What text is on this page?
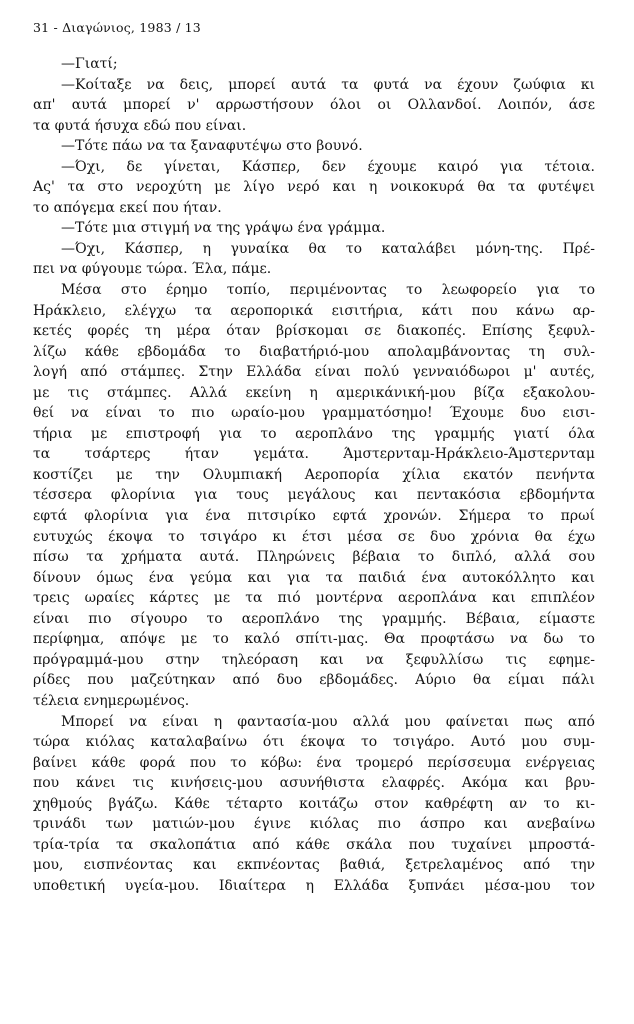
31 - Διαγώνιος, 1983 / 13
—Γιατί;
—Κοίταξε να δεις, μπορεί αυτά τα φυτά να έχουν ζωύφια κι
απ' αυτά μπορεί ν' αρρωστήσουν όλοι οι Ολλανδοί. Λοιπόν, άσε
τα φυτά ήσυχα εδώ που είναι.
—Τότε πάω να τα ξαναφυτέψω στο βουνό.
—Όχι, δε γίνεται, Κάσπερ, δεν έχουμε καιρό για τέτοια.
Ας' τα στο νεροχύτη με λίγο νερό και η νοικοκυρά θα τα φυτέψει
το απόγεμα εκεί που ήταν.
—Τότε μια στιγμή να της γράψω ένα γράμμα.
—Όχι, Κάσπερ, η γυναίκα θα το καταλάβει μόνη-της. Πρέ-
πει να φύγουμε τώρα. Έλα, πάμε.
Μέσα στο έρημο τοπίο, περιμένοντας το λεωφορείο για το
Ηράκλειο, ελέγχω τα αεροπορικά εισιτήρια, κάτι που κάνω αρ-
κετές φορές τη μέρα όταν βρίσκομαι σε διακοπές. Επίσης ξεφυλ-
λίζω κάθε εβδομάδα το διαβατήριό-μου απολαμβάνοντας τη συλ-
λογή από στάμπες. Στην Ελλάδα είναι πολύ γενναιόδωροι μ' αυτές,
με τις στάμπες. Αλλά εκείνη η αμερικάνική-μου βίζα εξακολου-
θεί να είναι το πιο ωραίο-μου γραμματόσημο! Έχουμε δυο εισι-
τήρια με επιστροφή για το αεροπλάνο της γραμμής γιατί όλα
τα τσάρτερς ήταν γεμάτα. Άμστερνταμ-Ηράκλειο-Άμστερνταμ
κοστίζει με την Ολυμπιακή Αεροπορία χίλια εκατόν πενήντα
τέσσερα φλορίνια για τους μεγάλους και πεντακόσια εβδομήντα
εφτά φλορίνια για ένα πιτσιρίκο εφτά χρονών. Σήμερα το πρωί
ευτυχώς έκοψα το τσιγάρο κι έτσι μέσα σε δυο χρόνια θα έχω
πίσω τα χρήματα αυτά. Πληρώνεις βέβαια το διπλό, αλλά σου
δίνουν όμως ένα γεύμα και για τα παιδιά ένα αυτοκόλλητο και
τρεις ωραίες κάρτες με τα πιό μοντέρνα αεροπλάνα και επιπλέον
είναι πιο σίγουρο το αεροπλάνο της γραμμής. Βέβαια, είμαστε
περίφημα, απόψε με το καλό σπίτι-μας. Θα προφτάσω να δω το
πρόγραμμά-μου στην τηλεόραση και να ξεφυλλίσω τις εφημε-
ρίδες που μαζεύτηκαν από δυο εβδομάδες. Αύριο θα είμαι πάλι
τέλεια ενημερωμένος.
Μπορεί να είναι η φαντασία-μου αλλά μου φαίνεται πως από
τώρα κιόλας καταλαβαίνω ότι έκοψα το τσιγάρο. Αυτό μου συμ-
βαίνει κάθε φορά που το κόβω: ένα τρομερό περίσσευμα ενέργειας
που κάνει τις κινήσεις-μου ασυνήθιστα ελαφρές. Ακόμα και βρυ-
χηθμούς βγάζω. Κάθε τέταρτο κοιτάζω στον καθρέφτη αν το κι-
τρινάδι των ματιών-μου έγινε κιόλας πιο άσπρο και ανεβαίνω
τρία-τρία τα σκαλοπάτια από κάθε σκάλα που τυχαίνει μπροστά-
μου, εισπνέοντας και εκπνέοντας βαθιά, ξετρελαμένος από την
υποθετική υγεία-μου. Ιδιαίτερα η Ελλάδα ξυπνάει μέσα-μου τον
